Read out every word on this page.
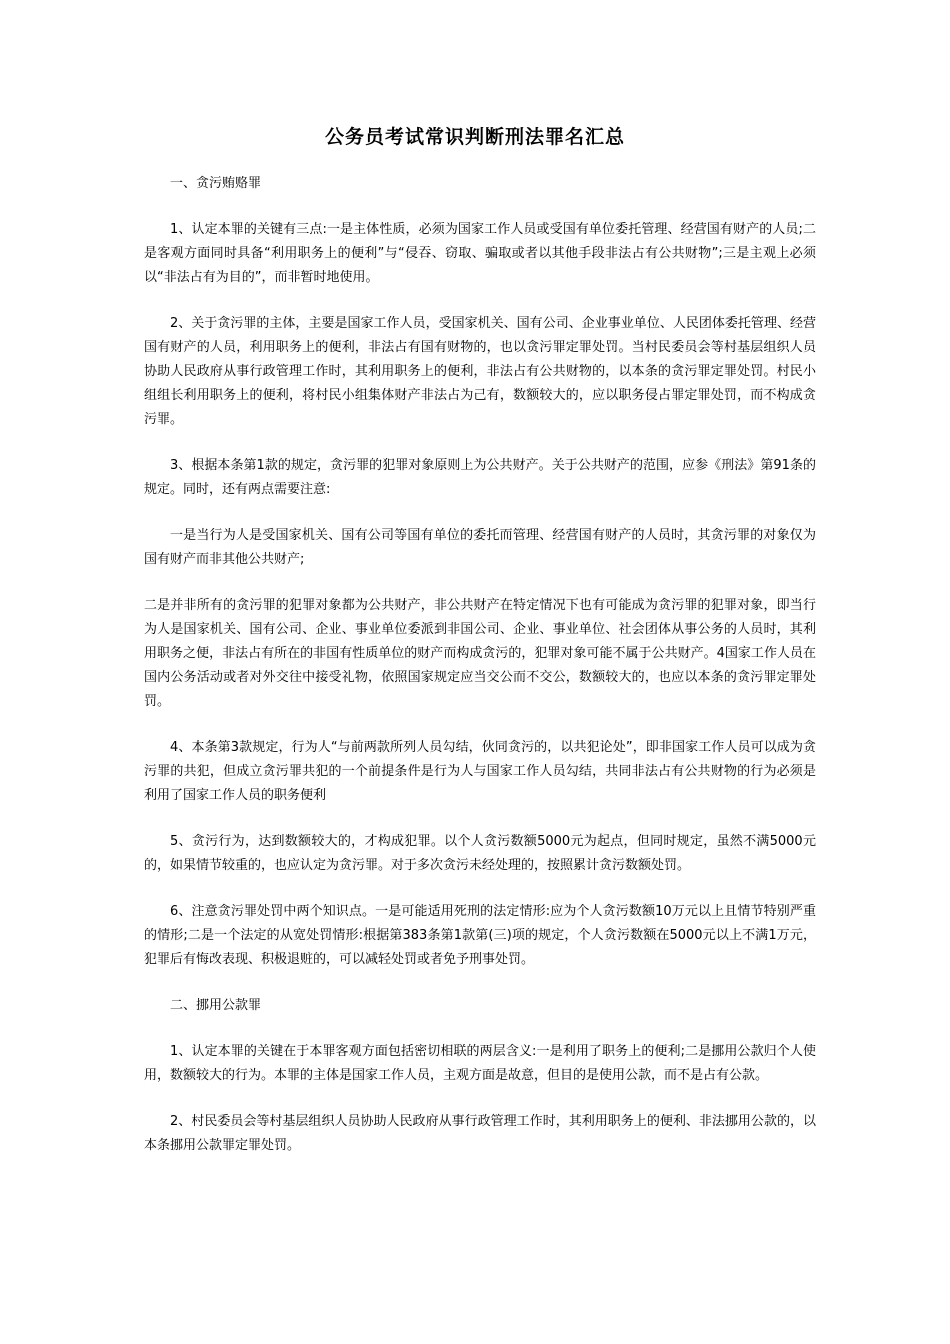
公务员考试常识判断刑法罪名汇总

一、贪污贿赂罪

1、认定本罪的关键有三点:一是主体性质，必须为国家工作人员或受国有单位委托管理、经营国有财产的人员;二是客观方面同时具备“利用职务上的便利”与“侵吞、窃取、骗取或者以其他手段非法占有公共财物”;三是主观上必须以“非法占有为目的”，而非暂时地使用。

2、关于贪污罪的主体，主要是国家工作人员，受国家机关、国有公司、企业事业单位、人民团体委托管理、经营国有财产的人员，利用职务上的便利，非法占有国有财物的，也以贪污罪定罪处罚。当村民委员会等村基层组织人员协助人民政府从事行政管理工作时，其利用职务上的便利，非法占有公共财物的，以本条的贪污罪定罪处罚。村民小组组长利用职务上的便利，将村民小组集体财产非法占为己有，数额较大的，应以职务侵占罪定罪处罚，而不构成贪污罪。

3、根据本条第1款的规定，贪污罪的犯罪对象原则上为公共财产。关于公共财产的范围，应参《刑法》第91条的规定。同时，还有两点需要注意:

一是当行为人是受国家机关、国有公司等国有单位的委托而管理、经营国有财产的人员时，其贪污罪的对象仅为国有财产而非其他公共财产;

二是并非所有的贪污罪的犯罪对象都为公共财产，非公共财产在特定情况下也有可能成为贪污罪的犯罪对象，即当行为人是国家机关、国有公司、企业、事业单位委派到非国公司、企业、事业单位、社会团体从事公务的人员时，其利用职务之便，非法占有所在的非国有性质单位的财产而构成贪污的，犯罪对象可能不属于公共财产。4国家工作人员在国内公务活动或者对外交往中接受礼物，依照国家规定应当交公而不交公，数额较大的，也应以本条的贪污罪定罪处罚。

4、本条第3款规定，行为人“与前两款所列人员勾结，伙同贪污的，以共犯论处”，即非国家工作人员可以成为贪污罪的共犯，但成立贪污罪共犯的一个前提条件是行为人与国家工作人员勾结，共同非法占有公共财物的行为必须是利用了国家工作人员的职务便利

5、贪污行为，达到数额较大的，才构成犯罪。以个人贪污数额5000元为起点，但同时规定，虽然不满5000元的，如果情节较重的，也应认定为贪污罪。对于多次贪污未经处理的，按照累计贪污数额处罚。

6、注意贪污罪处罚中两个知识点。一是可能适用死刑的法定情形:应为个人贪污数额10万元以上且情节特别严重的情形;二是一个法定的从宽处罚情形:根据第383条第1款第(三)项的规定，个人贪污数额在5000元以上不满1万元，犯罪后有悔改表现、积极退赃的，可以减轻处罚或者免予刑事处罚。

二、挪用公款罪

1、认定本罪的关键在于本罪客观方面包括密切相联的两层含义:一是利用了职务上的便利;二是挪用公款归个人使用，数额较大的行为。本罪的主体是国家工作人员，主观方面是故意，但目的是使用公款，而不是占有公款。

2、村民委员会等村基层组织人员协助人民政府从事行政管理工作时，其利用职务上的便利、非法挪用公款的，以本条挪用公款罪定罪处罚。
